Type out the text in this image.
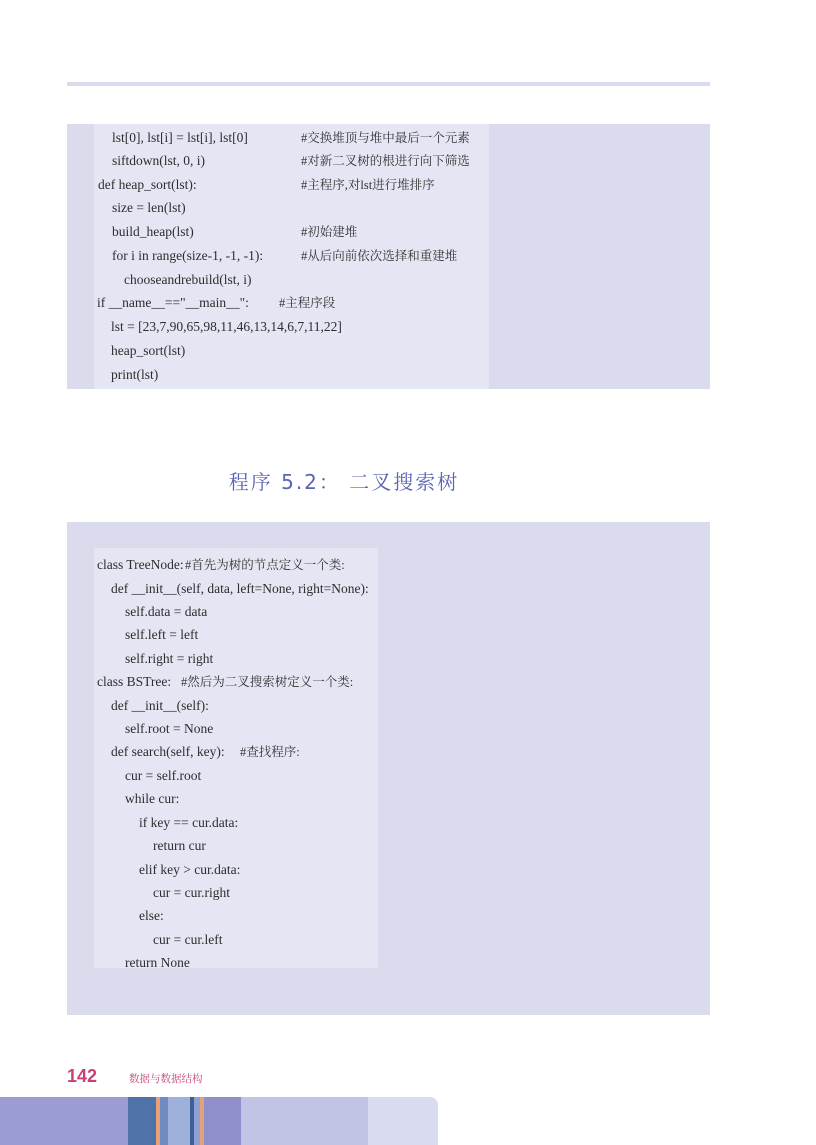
lst[0], lst[i] = lst[i], lst[0]	#交换堆顶与堆中最后一个元素
siftdown(lst, 0, i)	#对新二叉树的根进行向下筛选
def heap_sort(lst):	#主程序,对lst进行堆排序
size = len(lst)
build_heap(lst)	#初始建堆
for i in range(size-1, -1, -1):	#从后向前依次选择和重建堆
chooseandrebuild(lst, i)
if __name__=="__main__": #主程序段
lst = [23,7,90,65,98,11,46,13,14,6,7,11,22]
heap_sort(lst)
print(lst)
程序 5.2： 二叉搜索树
class TreeNode: #首先为树的节点定义一个类:
def __init__(self, data, left=None, right=None):
self.data = data
self.left = left
self.right = right
class BSTree: #然后为二叉搜索树定义一个类:
def __init__(self):
self.root = None
def search(self, key): #查找程序:
cur = self.root
while cur:
if key == cur.data:
return cur
elif key > cur.data:
cur = cur.right
else:
cur = cur.left
return None
142	数据与数据结构
